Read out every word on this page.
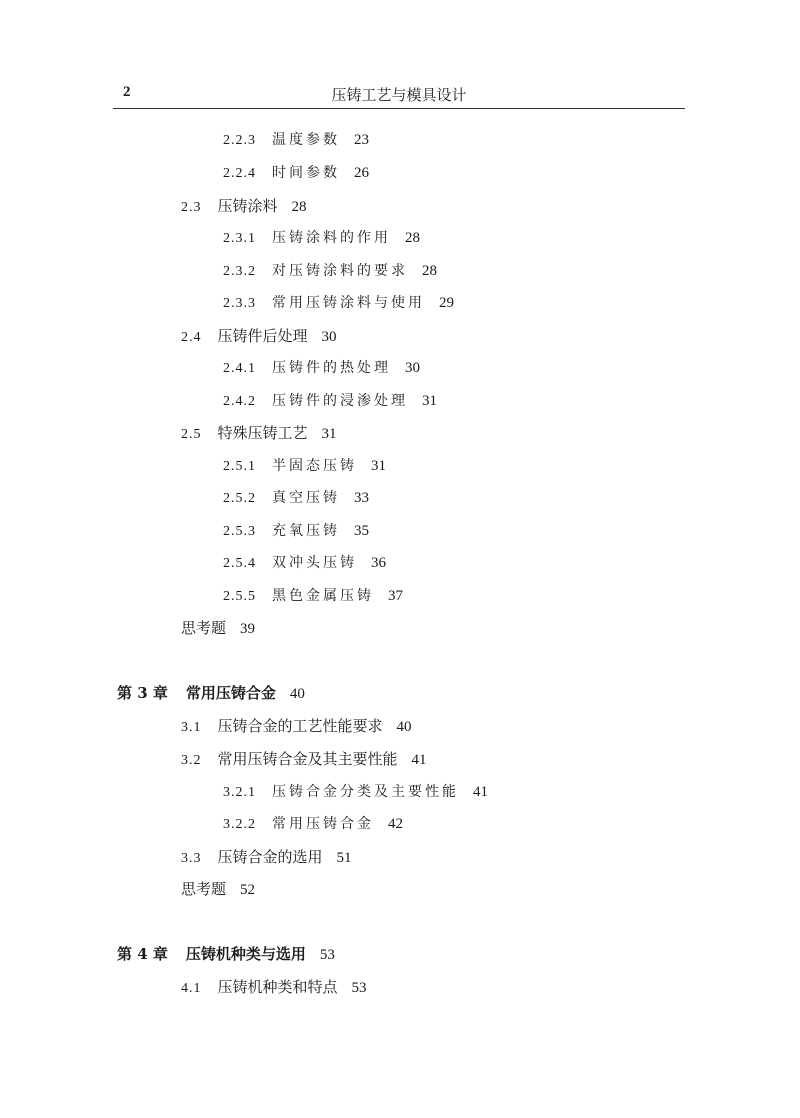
2	压铸工艺与模具设计
2.2.3 温度参数 23
2.2.4 时间参数 26
2.3 压铸涂料 28
2.3.1 压铸涂料的作用 28
2.3.2 对压铸涂料的要求 28
2.3.3 常用压铸涂料与使用 29
2.4 压铸件后处理 30
2.4.1 压铸件的热处理 30
2.4.2 压铸件的浸渗处理 31
2.5 特殊压铸工艺 31
2.5.1 半固态压铸 31
2.5.2 真空压铸 33
2.5.3 充氧压铸 35
2.5.4 双冲头压铸 36
2.5.5 黑色金属压铸 37
思考题 39
第 3 章 常用压铸合金 40
3.1 压铸合金的工艺性能要求 40
3.2 常用压铸合金及其主要性能 41
3.2.1 压铸合金分类及主要性能 41
3.2.2 常用压铸合金 42
3.3 压铸合金的选用 51
思考题 52
第 4 章 压铸机种类与选用 53
4.1 压铸机种类和特点 53
